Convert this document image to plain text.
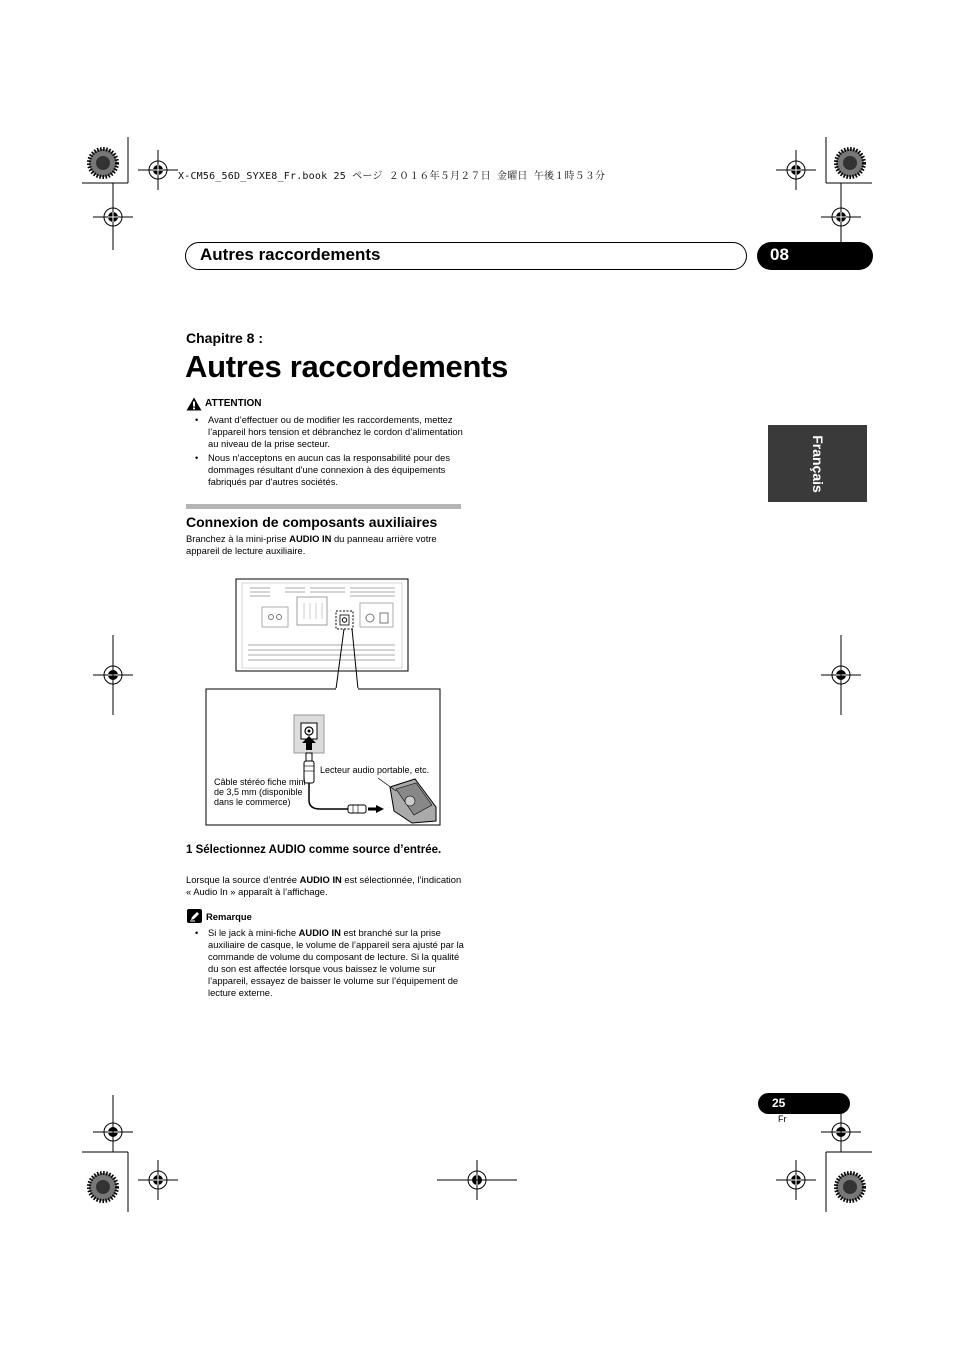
X-CM56_56D_SYXE8_Fr.book 25 ページ ２０１６年５月２７日 金曜日 午後１時５３分
Autres raccordements	08
Chapitre 8 :
Autres raccordements
ATTENTION
• Avant d’effectuer ou de modifier les raccordements, mettez l’appareil hors tension et débranchez le cordon d’alimentation au niveau de la prise secteur.
• Nous n'acceptons en aucun cas la responsabilité pour des dommages résultant d'une connexion à des équipements fabriqués par d'autres sociétés.
Connexion de composants auxiliaires
Branchez à la mini-prise AUDIO IN du panneau arrière votre appareil de lecture auxiliaire.
Câble stéréo fiche mini de 3,5 mm (disponible dans le commerce)
Lecteur audio portable, etc.
1 Sélectionnez AUDIO comme source d’entrée.
Lorsque la source d’entrée AUDIO IN est sélectionnée, l’indication « Audio In » apparaît à l’affichage.
Remarque
• Si le jack à mini-fiche AUDIO IN est branché sur la prise auxiliaire de casque, le volume de l’appareil sera ajusté par la commande de volume du composant de lecture. Si la qualité du son est affectée lorsque vous baissez le volume sur l’appareil, essayez de baisser le volume sur l’équipement de lecture externe.
Français
25
Fr
